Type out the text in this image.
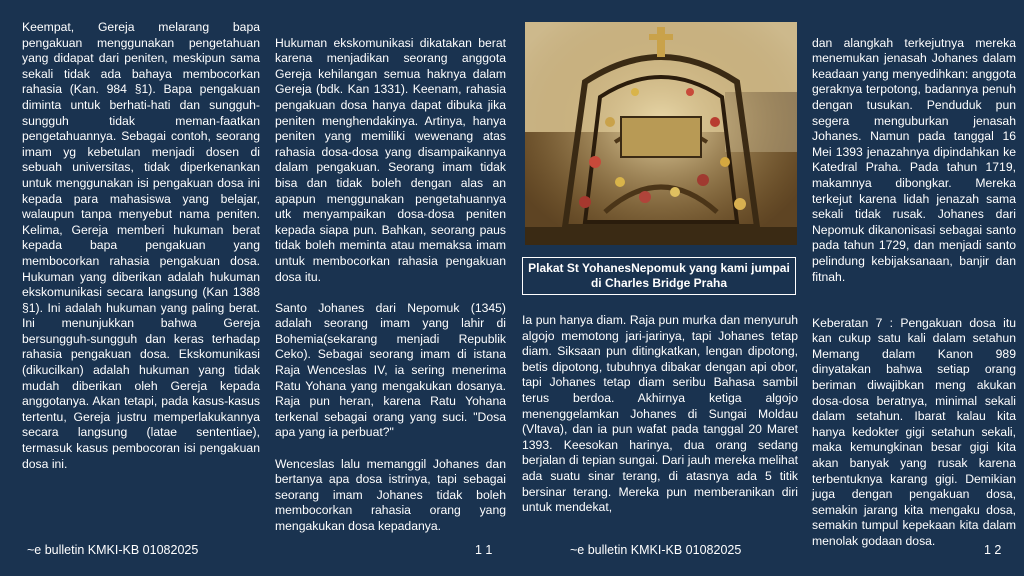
Keempat, Gereja melarang bapa pengakuan menggunakan pengetahuan yang didapat dari peniten, meskipun sama sekali tidak ada bahaya membocorkan rahasia (Kan. 984 §1). Bapa pengakuan diminta untuk berhati-hati dan sungguh-sungguh tidak meman-faatkan pengetahuannya. Sebagai contoh, seorang imam yg kebetulan menjadi dosen di sebuah universitas, tidak diperkenankan untuk menggunakan isi pengakuan dosa ini kepada para mahasiswa yang belajar, walaupun tanpa menyebut nama peniten. Kelima, Gereja memberi hukuman berat kepada bapa pengakuan yang membocorkan rahasia pengakuan dosa. Hukuman yang diberikan adalah hukuman ekskomunikasi secara langsung (Kan 1388 §1). Ini adalah hukuman yang paling berat. Ini menunjukkan bahwa Gereja bersungguh-sungguh dan keras terhadap rahasia pengakuan dosa. Ekskomunikasi (dikucilkan) adalah hukuman yang tidak mudah diberikan oleh Gereja kepada anggotanya. Akan tetapi, pada kasus-kasus tertentu, Gereja justru memperlakukannya secara langsung (latae sententiae), termasuk kasus pembocoran isi pengakuan dosa ini.

Hukuman ekskomunikasi dikatakan berat karena menjadikan seorang anggota Gereja kehilangan semua haknya dalam Gereja (bdk. Kan 1331). Keenam, rahasia pengakuan dosa hanya dapat dibuka jika peniten menghendakinya. Artinya, hanya peniten yang memiliki wewenang atas rahasia dosa-dosa yang disampaikannya dalam pengakuan. Seorang imam tidak bisa dan tidak boleh dengan alas an apapun menggunakan pengetahuannya utk menyampaikan dosa-dosa peniten kepada siapa pun. Bahkan, seorang paus tidak boleh meminta atau memaksa imam untuk membocorkan rahasia pengakuan dosa itu.

Santo Johanes dari Nepomuk (1345) adalah seorang imam yang lahir di Bohemia(sekarang menjadi Republik Ceko). Sebagai seorang imam di istana Raja Wenceslas IV, ia sering menerima Ratu Yohana yang mengakukan dosanya. Raja pun heran, karena Ratu Yohana terkenal sebagai orang yang suci. "Dosa apa yang ia perbuat?"

Wenceslas lalu memanggil Johanes dan bertanya apa dosa istrinya, tapi sebagai seorang imam Johanes tidak boleh membocorkan rahasia orang yang mengakukan dosa kepadanya.

Plakat St YohanesNepomuk yang kami jumpai di Charles Bridge Praha
Ia pun hanya diam. Raja pun murka dan menyuruh algojo memotong jari-jarinya, tapi Johanes tetap diam. Siksaan pun ditingkatkan, lengan dipotong, betis dipotong, tubuhnya dibakar dengan api obor, tapi Johanes tetap diam seribu Bahasa sambil terus berdoa. Akhirnya ketiga algojo menenggelamkan Johanes di Sungai Moldau (Vltava), dan ia pun wafat pada tanggal 20 Maret 1393. Keesokan harinya, dua orang sedang berjalan di tepian sungai. Dari jauh mereka melihat ada suatu sinar terang, di atasnya ada 5 titik bersinar terang. Mereka pun memberanikan diri untuk mendekat,

dan alangkah terkejutnya mereka menemukan jenasah Johanes dalam keadaan yang menyedihkan: anggota geraknya terpotong, badannya penuh dengan tusukan. Penduduk pun segera menguburkan jenasah Johanes. Namun pada tanggal 16 Mei 1393 jenazahnya dipindahkan ke Katedral Praha. Pada tahun 1719, makamnya dibongkar. Mereka terkejut karena lidah jenazah sama sekali tidak rusak. Johanes dari Nepomuk dikanonisasi sebagai santo pada tahun 1729, dan menjadi santo pelindung kebijaksanaan, banjir dan fitnah.

Keberatan 7 : Pengakuan dosa itu kan cukup satu kali dalam setahun Memang dalam Kanon 989 dinyatakan bahwa setiap orang beriman diwajibkan meng akukan dosa-dosa beratnya, minimal sekali dalam setahun. Ibarat kalau kita hanya kedokter gigi setahun sekali, maka kemungkinan besar gigi kita akan banyak yang rusak karena terbentuknya karang gigi. Demikian juga dengan pengakuan dosa, semakin jarang kita mengaku dosa, semakin tumpul kepekaan kita dalam menolak godaan dosa.

~e bulletin KMKI-KB 01082025	1 1	~e bulletin KMKI-KB 01082025	1 2
